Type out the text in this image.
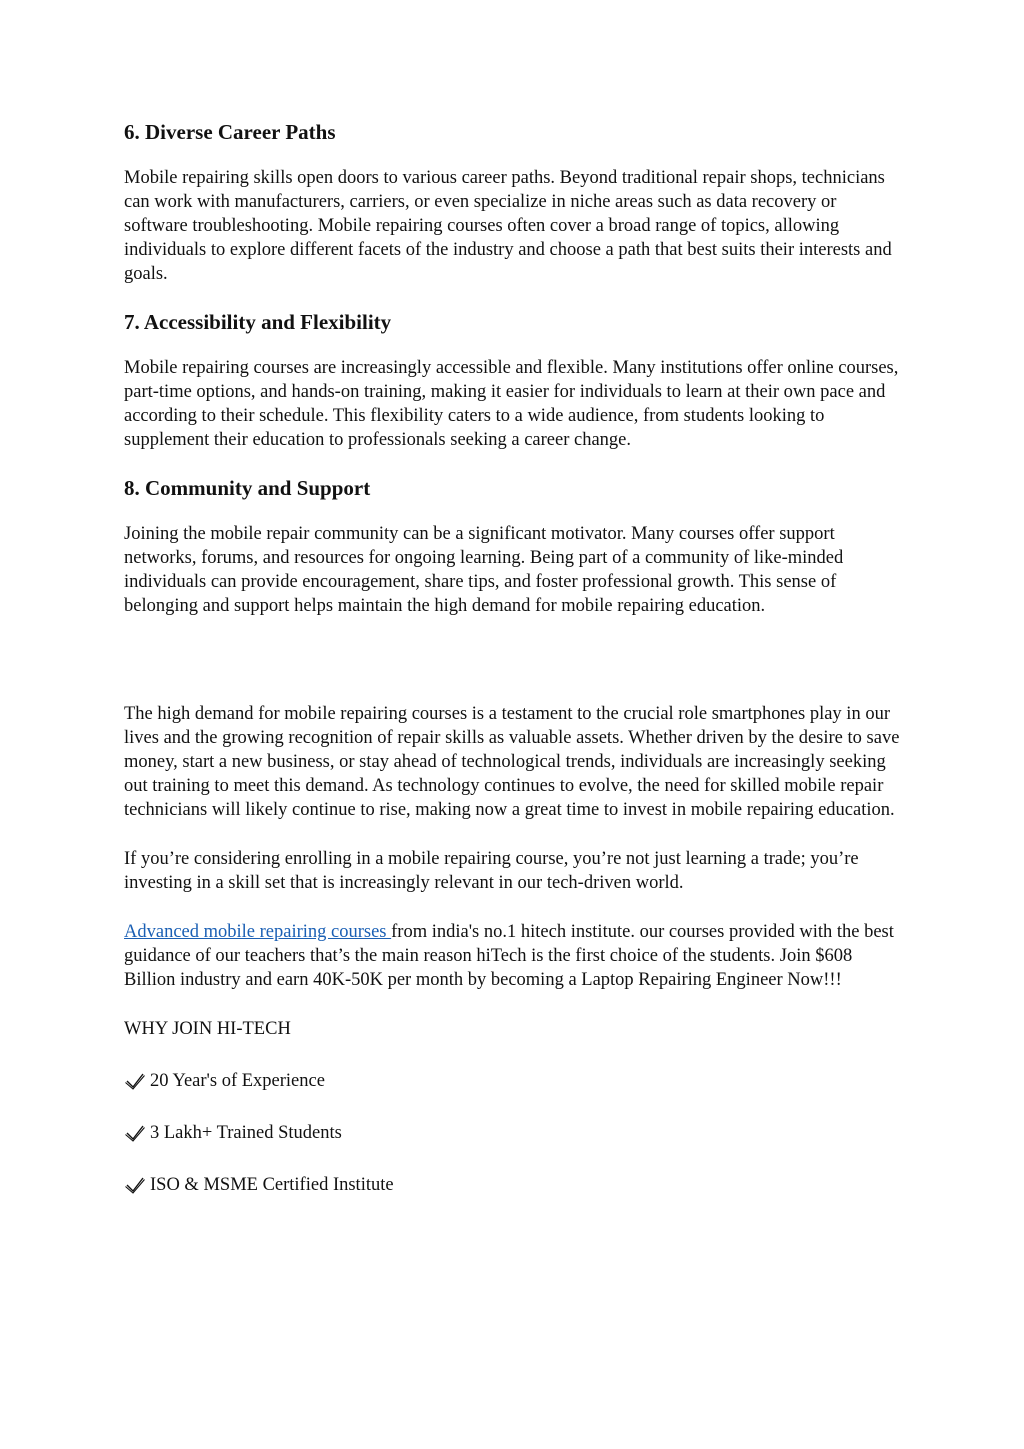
6. Diverse Career Paths

Mobile repairing skills open doors to various career paths. Beyond traditional repair shops, technicians can work with manufacturers, carriers, or even specialize in niche areas such as data recovery or software troubleshooting. Mobile repairing courses often cover a broad range of topics, allowing individuals to explore different facets of the industry and choose a path that best suits their interests and goals.

7. Accessibility and Flexibility

Mobile repairing courses are increasingly accessible and flexible. Many institutions offer online courses, part-time options, and hands-on training, making it easier for individuals to learn at their own pace and according to their schedule. This flexibility caters to a wide audience, from students looking to supplement their education to professionals seeking a career change.

8. Community and Support

Joining the mobile repair community can be a significant motivator. Many courses offer support networks, forums, and resources for ongoing learning. Being part of a community of like-minded individuals can provide encouragement, share tips, and foster professional growth. This sense of belonging and support helps maintain the high demand for mobile repairing education.

The high demand for mobile repairing courses is a testament to the crucial role smartphones play in our lives and the growing recognition of repair skills as valuable assets. Whether driven by the desire to save money, start a new business, or stay ahead of technological trends, individuals are increasingly seeking out training to meet this demand. As technology continues to evolve, the need for skilled mobile repair technicians will likely continue to rise, making now a great time to invest in mobile repairing education.

If you’re considering enrolling in a mobile repairing course, you’re not just learning a trade; you’re investing in a skill set that is increasingly relevant in our tech-driven world.

Advanced mobile repairing courses from india's no.1 hitech institute. our courses provided with the best guidance of our teachers that’s the main reason hiTech is the first choice of the students. Join $608 Billion industry and earn 40K-50K per month by becoming a Laptop Repairing Engineer Now!!!

WHY JOIN HI-TECH
20 Year's of Experience
3 Lakh+ Trained Students
ISO & MSME Certified Institute
